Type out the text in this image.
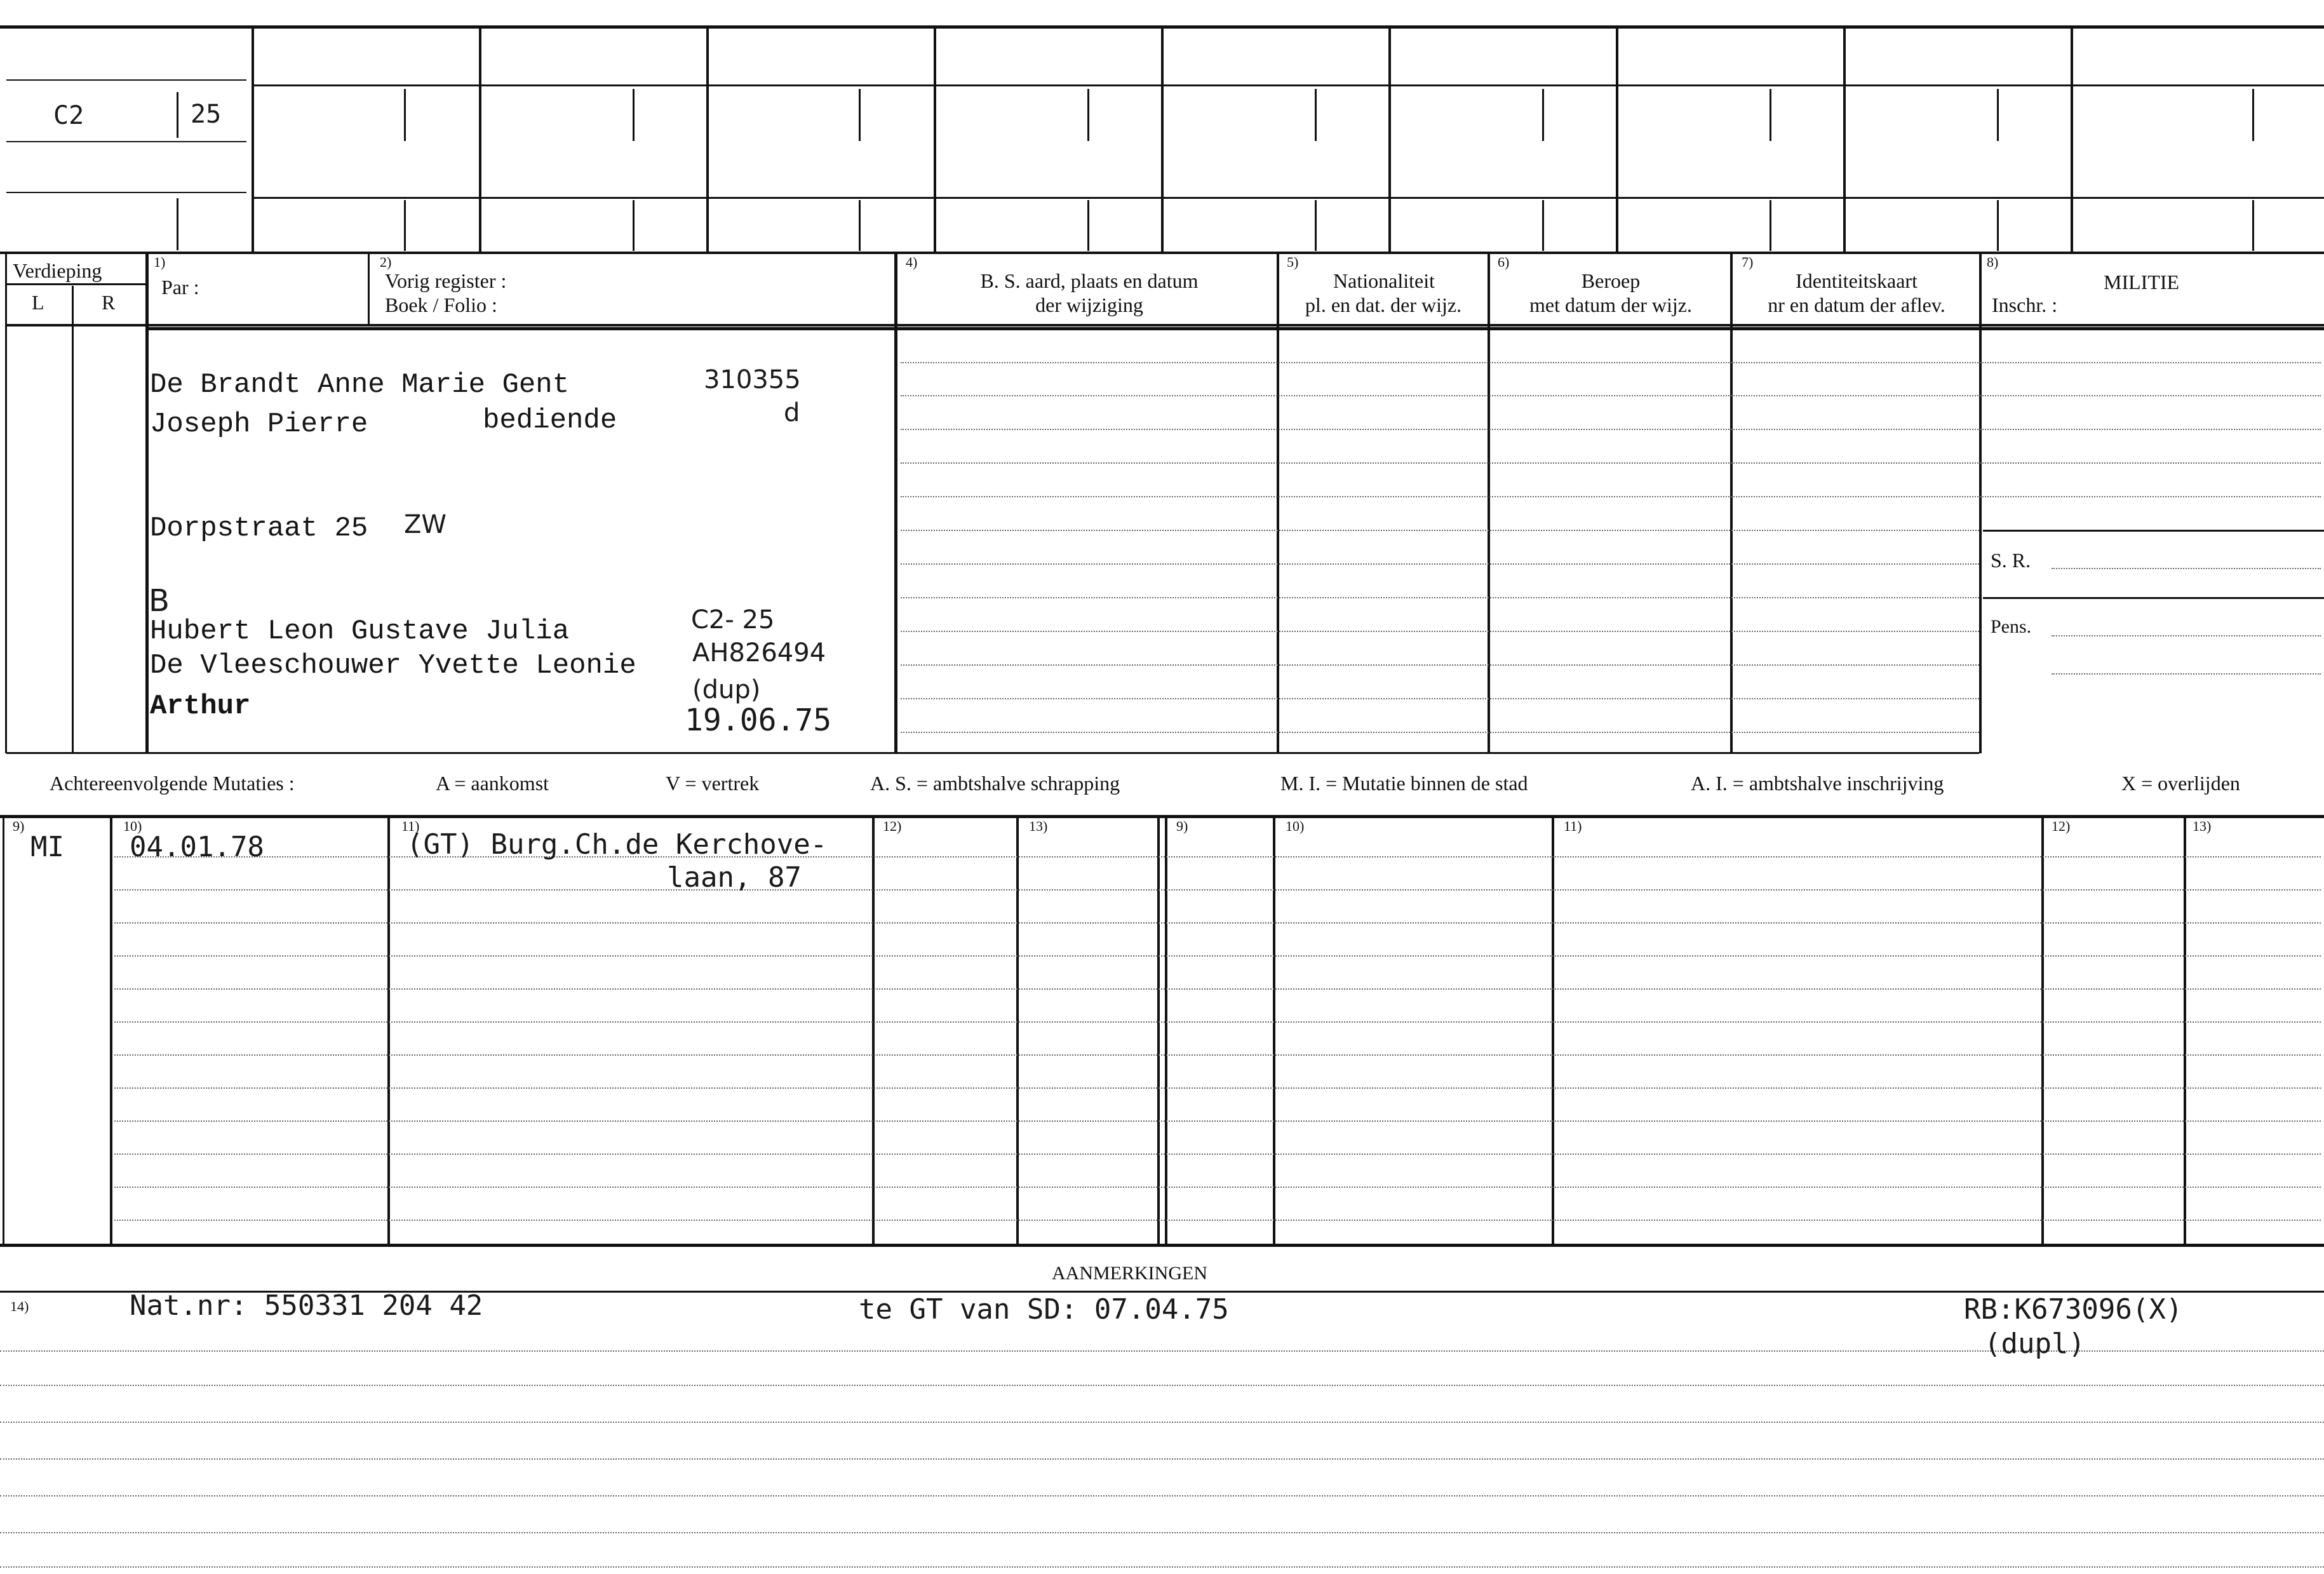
C2	25
Verdieping
L	R
1)
Par :
2)
Vorig register :
Boek / Folio :
4)
B. S. aard, plaats en datum
der wijziging
5)
Nationaliteit
pl. en dat. der wijz.
6)
Beroep
met datum der wijz.
7)
Identiteitskaart
nr en datum der aflev.
8)
MILITIE
Inschr. :
S. R.
Pens.
De Brandt Anne Marie Gent
Joseph Pierre	bediende
310355
d
Dorpstraat 25 ZW
B
Hubert Leon Gustave Julia
De Vleeschouwer Yvette Leonie
Arthur
C2- 25
AH826494
(dup)
19.06.75
Achtereenvolgende Mutaties :	A = aankomst	V = vertrek	A. S. = ambtshalve schrapping	M. I. = Mutatie binnen de stad	A. I. = ambtshalve inschrijving	X = overlijden
9)	10)	11)	12)	13)	9)	10)	11)	12)	13)
MI 04.01.78	(GT) Burg.Ch.de Kerchove-
laan, 87
AANMERKINGEN
14)	Nat.nr: 550331 204 42	te GT van SD: 07.04.75	RB:K673096(X)
(dupl)
